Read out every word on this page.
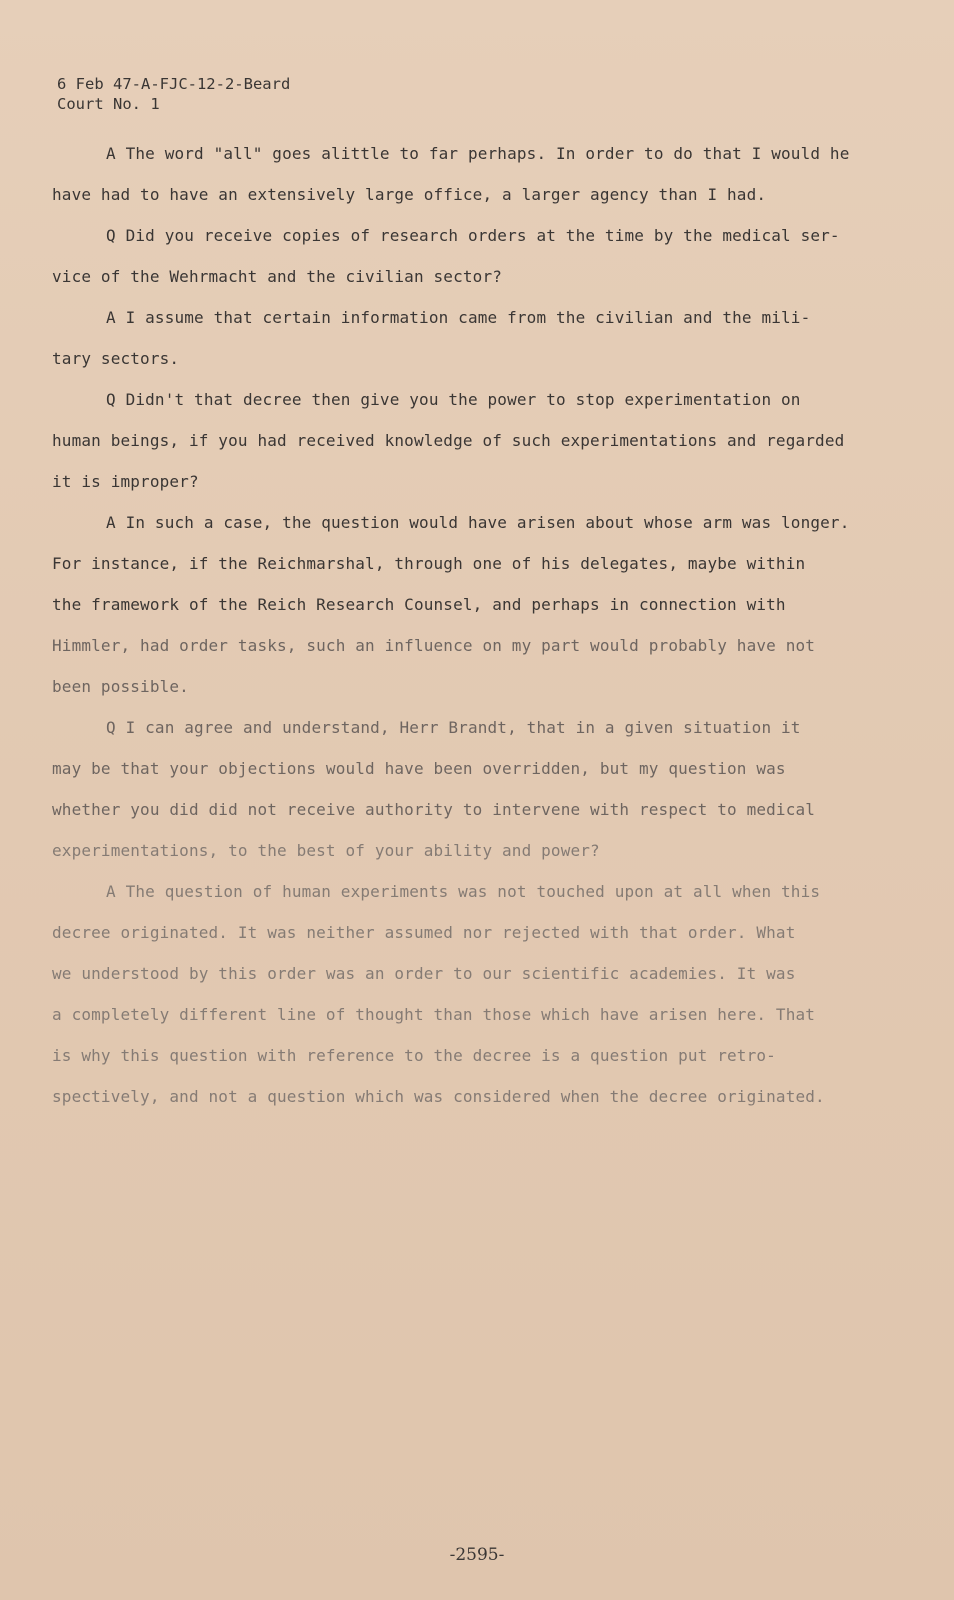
6 Feb 47-A-FJC-12-2-Beard
Court No. 1
A The word "all" goes alittle to far perhaps. In order to do that I would he
have had to have an extensively large office, a larger agency than I had.
Q Did you receive copies of research orders at the time by the medical ser-
vice of the Wehrmacht and the civilian sector?
A I assume that certain information came from the civilian and the mili-
tary sectors.
Q Didn't that decree then give you the power to stop experimentation on
human beings, if you had received knowledge of such experimentations and regarded
it is improper?
A In such a case, the question would have arisen about whose arm was longer.
For instance, if the Reichmarshal, through one of his delegates, maybe within
the framework of the Reich Research Counsel, and perhaps in connection with
Himmler, had order tasks, such an influence on my part would probably have not
been possible.
Q I can agree and understand, Herr Brandt, that in a given situation it
may be that your objections would have been overridden, but my question was
whether you did did not receive authority to intervene with respect to medical
experimentations, to the best of your ability and power?
A The question of human experiments was not touched upon at all when this
decree originated. It was neither assumed nor rejected with that order. What
we understood by this order was an order to our scientific academies. It was
a completely different line of thought than those which have arisen here. That
is why this question with reference to the decree is a question put retro-
spectively, and not a question which was considered when the decree originated.
-2595-
